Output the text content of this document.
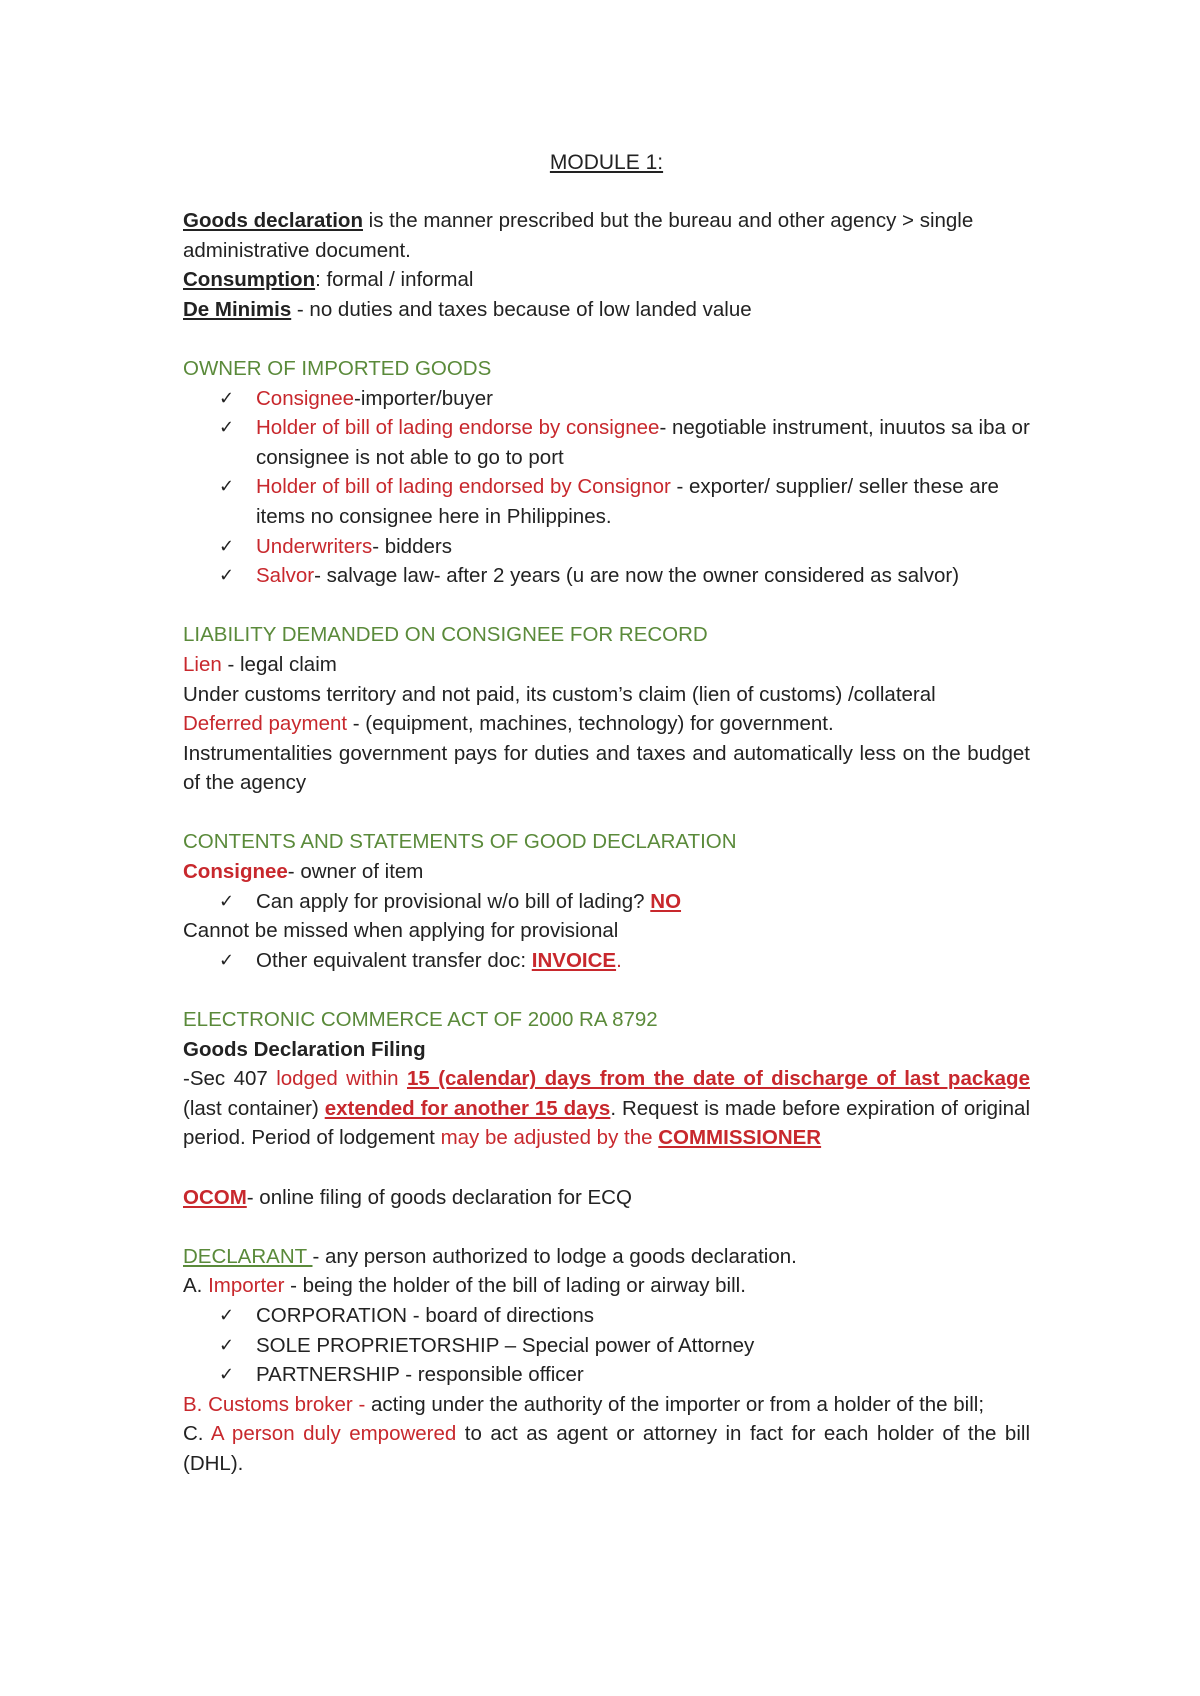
MODULE 1:

Goods declaration is the manner prescribed but the bureau and other agency > single administrative document.

Consumption: formal / informal

De Minimis - no duties and taxes because of low landed value

OWNER OF IMPORTED GOODS

✓ Consignee-importer/buyer
✓ Holder of bill of lading endorse by consignee- negotiable instrument, inuutos sa iba or consignee is not able to go to port
✓ Holder of bill of lading endorsed by Consignor - exporter/ supplier/ seller these are items no consignee here in Philippines.
✓ Underwriters- bidders
✓ Salvor- salvage law- after 2 years (u are now the owner considered as salvor)

LIABILITY DEMANDED ON CONSIGNEE FOR RECORD

Lien - legal claim

Under customs territory and not paid, its custom’s claim (lien of customs) /collateral

Deferred payment - (equipment, machines, technology) for government.

Instrumentalities government pays for duties and taxes and automatically less on the budget of the agency

CONTENTS AND STATEMENTS OF GOOD DECLARATION

Consignee- owner of item

✓ Can apply for provisional w/o bill of lading? NO

Cannot be missed when applying for provisional

✓ Other equivalent transfer doc: INVOICE.

ELECTRONIC COMMERCE ACT OF 2000 RA 8792

Goods Declaration Filing

-Sec 407 lodged within 15 (calendar) days from the date of discharge of last package (last container) extended for another 15 days. Request is made before expiration of original period. Period of lodgement may be adjusted by the COMMISSIONER

OCOM- online filing of goods declaration for ECQ

DECLARANT - any person authorized to lodge a goods declaration.

A. Importer - being the holder of the bill of lading or airway bill.

✓ CORPORATION - board of directions
✓ SOLE PROPRIETORSHIP – Special power of Attorney
✓ PARTNERSHIP - responsible officer

B. Customs broker - acting under the authority of the importer or from a holder of the bill;

C. A person duly empowered to act as agent or attorney in fact for each holder of the bill (DHL).
